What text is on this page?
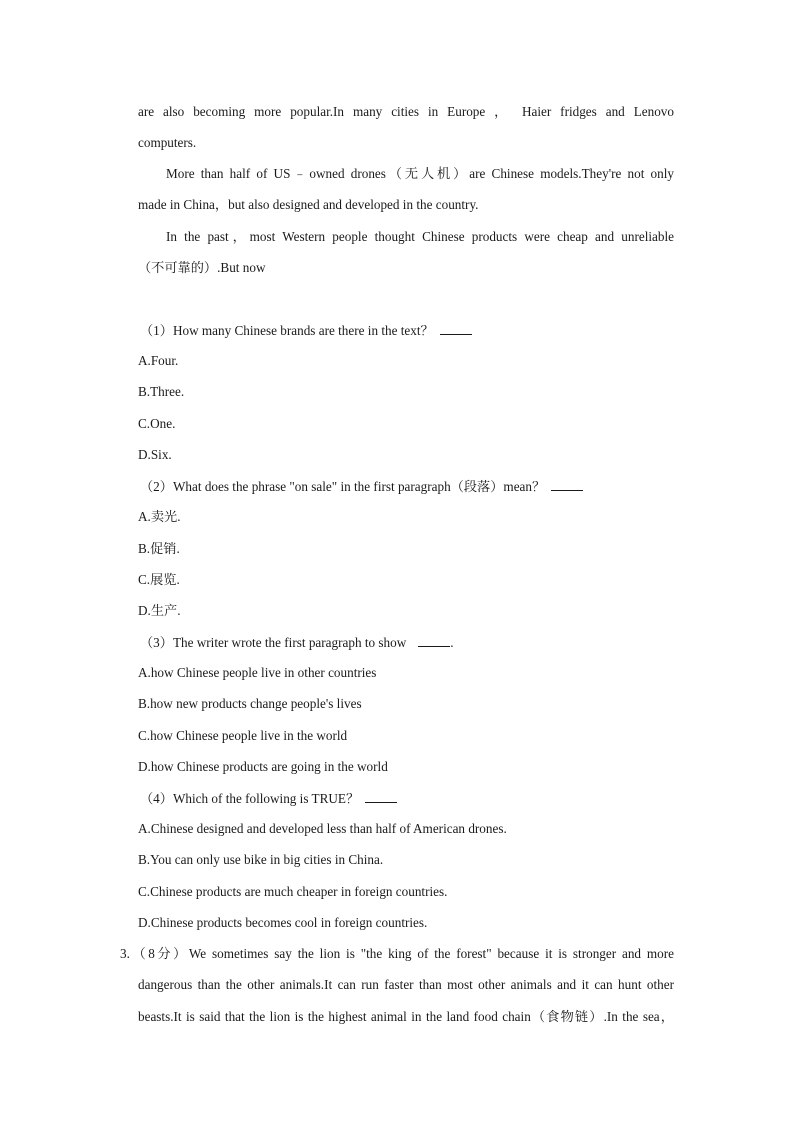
are also becoming more popular.In many cities in Europe ， Haier fridges and Lenovo
computers.
More than half of US﹣owned drones（无人机）are Chinese models.They're not only
made in China，but also designed and developed in the country.
In the past，most Western people thought Chinese products were cheap and unreliable
（不可靠的）.But now
（1）How many Chinese brands are there in the text？
A.Four.
B.Three.
C.One.
D.Six.
（2）What does the phrase "on sale" in the first paragraph（段落）mean？
A.卖光.
B.促销.
C.展览.
D.生产.
（3）The writer wrote the first paragraph to show	.
A.how Chinese people live in other countries
B.how new products change people's lives
C.how Chinese people live in the world
D.how Chinese products are going in the world
（4）Which of the following is TRUE？
A.Chinese designed and developed less than half of American drones.
B.You can only use bike in big cities in China.
C.Chinese products are much cheaper in foreign countries.
D.Chinese products becomes cool in foreign countries.
3.（8分）We sometimes say the lion is "the king of the forest" because it is stronger and more
dangerous than the other animals.It can run faster than most other animals and it can hunt other
beasts.It is said that the lion is the highest animal in the land food chain（食物链）.In the sea，
